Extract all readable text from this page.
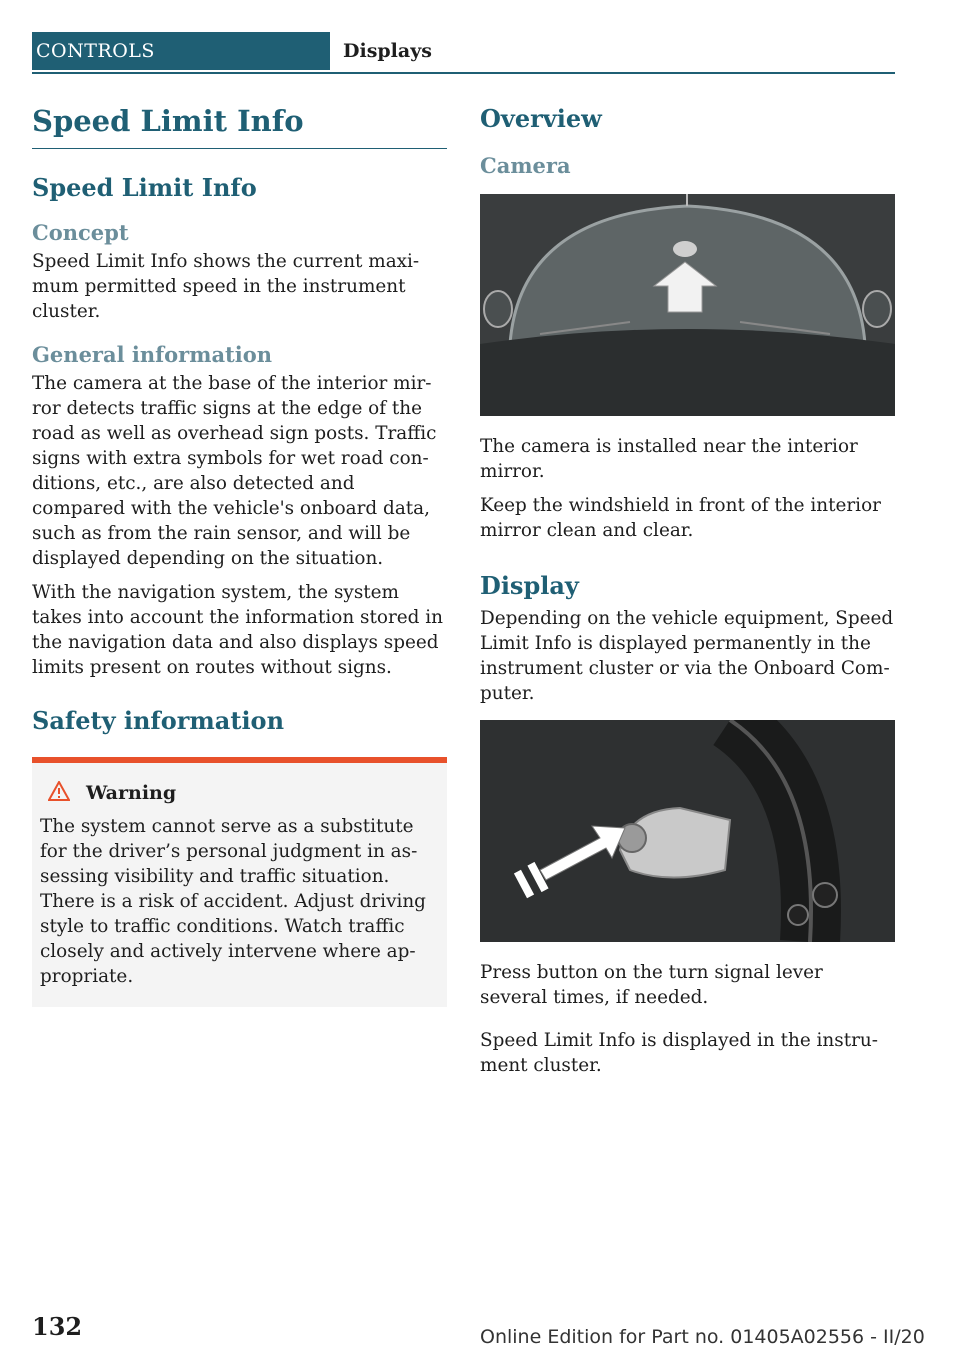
CONTROLS	Displays
Speed Limit Info
Speed Limit Info
Concept

Speed Limit Info shows the current maxi-mum permitted speed in the instrument cluster.

General information

The camera at the base of the interior mir-ror detects traffic signs at the edge of the road as well as overhead sign posts. Traffic signs with extra symbols for wet road con-ditions, etc., are also detected and compared with the vehicle's onboard data, such as from the rain sensor, and will be displayed depending on the situation.

With the navigation system, the system takes into account the information stored in the navigation data and also displays speed limits present on routes without signs.

Safety information
Warning

The system cannot serve as a substitute for the driver’s personal judgment in as-sessing visibility and traffic situation. There is a risk of accident. Adjust driving style to traffic conditions. Watch traffic closely and actively intervene where ap-propriate.

Overview
Camera

The camera is installed near the interior mirror.

Keep the windshield in front of the interior mirror clean and clear.

Display

Depending on the vehicle equipment, Speed Limit Info is displayed permanently in the instrument cluster or via the Onboard Com-puter.

Press button on the turn signal lever several times, if needed.

Speed Limit Info is displayed in the instru-ment cluster.

132	Online Edition for Part no. 01405A02556 - II/20
